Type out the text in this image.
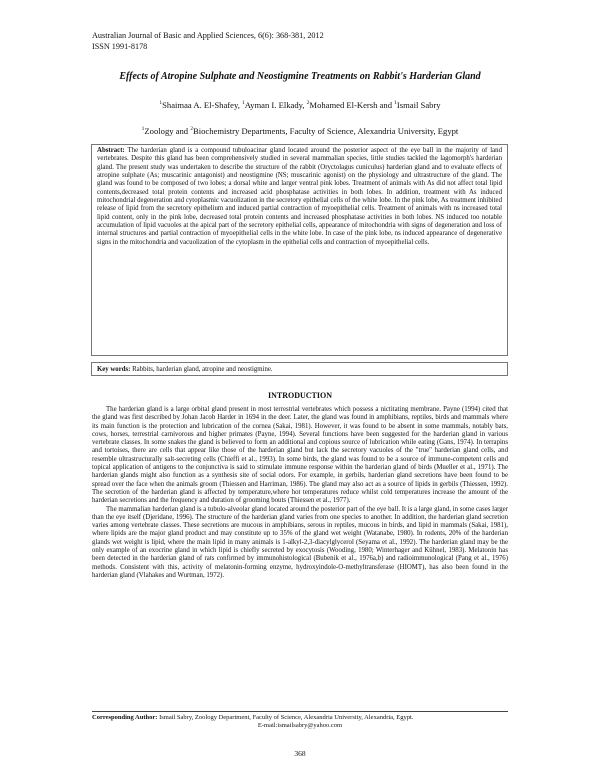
Australian Journal of Basic and Applied Sciences, 6(6): 368-381, 2012
ISSN 1991-8178
Effects of Atropine Sulphate and Neostigmine Treatments on Rabbit's Harderian Gland
$^1$Shaimaa A. El-Shafey, $^1$Ayman I. Elkady, $^2$Mohamed El-Kersh and $^1$Ismail Sabry
$^1$Zoology and $^2$Biochemistry Departments, Faculty of Science, Alexandria University, Egypt

Abstract: The harderian gland is a compound tubuloacinar gland located around the posterior aspect of the eye ball in the majority of land vertebrates. Despite this gland has been comprehensively studied in several mammalian species, little studies tackled the lagomorph's harderian gland. The present study was undertaken to describe the structure of the rabbit (Oryctolagus cuniculus) harderian gland and to evaluate effects of atropine sulphate (As; muscarinic antagonist) and neostigmine (NS; muscarinic agonist) on the physiology and ultrastructure of the gland. The gland was found to be composed of two lobes; a dorsal white and larger ventral pink lobes. Treatment of animals with As did not affect total lipid contents,decreased total protein contents and increased acid phosphatase activities in both lobes. In addition, treatment with As induced mitochondrial degeneration and cytoplasmic vacuolization in the secretory epithelial cells of the white lobe. In the pink lobe, As treatment inhibited release of lipid from the secretory epithelium and induced partial contraction of myoepithelial cells. Treatment of animals with ns increased total lipid content, only in the pink lobe, decreased total protein contents and increased phosphatase activities in both lobes. NS induced too notable accumulation of lipid vacuoles at the apical part of the secretory epithelial cells, appearance of mitochondria with signs of degeneration and loss of internal structures and partial contraction of myoepithelial cells in the white lobe. In case of the pink lobe, ns induced appearance of degenerative signs in the mitochondria and vacuolization of the cytoplasm in the epithelial cells and contraction of myoepithelial cells.

Key words: Rabbits, harderian gland, atropine and neostigmine.
INTRODUCTION

The harderian gland is a large orbital gland present in most terrestrial vertebrates which possess a nictitating membrane. Payne (1994) cited that the gland was first described by Johan Jacob Harder in 1694 in the deer. Later, the gland was found in amphibians, reptiles, birds and mammals where its main function is the protection and lubrication of the cornea (Sakai, 1981). However, it was found to be absent in some mammals, notably bats, cows, horses, terrestrial carnivorous and higher primates (Payne, 1994). Several functions have been suggested for the harderian gland in various vertebrate classes. In some snakes the gland is believed to form an additional and copious source of lubrication while eating (Gans, 1974). In terrapins and tortoises, there are cells that appear like those of the harderian gland but lack the secretory vacuoles of the "true" harderian gland cells, and resemble ultrastructurally salt-secreting cells (Chieffi et al., 1993). In some birds, the gland was found to be a source of immune-competent cells and topical application of antigens to the conjunctiva is said to stimulate immune response within the harderian gland of birds (Mueller et al., 1971). The harderian glands might also function as a synthesis site of social odors. For example, in gerbils, harderian gland secretions have been found to be spread over the face when the animals groom (Thiessen and Harriman, 1986). The gland may also act as a source of lipids in gerbils (Thiessen, 1992). The secretion of the harderian gland is affected by temperature,where hot temperatures reduce whilst cold temperatures increase the amount of the harderian secretions and the frequency and duration of grooming bouts (Thiessen et al., 1977).

The mammalian harderian gland is a tubulo-alveolar gland located around the posterior part of the eye ball. It is a large gland, in some cases larger than the eye itself (Djeridane, 1996). The structure of the harderian gland varies from one species to another. In addition, the harderian gland secretion varies among vertebrate classes. These secretions are mucous in amphibians, serous in reptiles, mucous in birds, and lipid in mammals (Sakai, 1981), where lipids are the major gland product and may constitute up to 35% of the gland wet weight (Watanabe, 1980). In rodents, 20% of the harderian glands wet weight is lipid, where the main lipid in many animals is 1-alkyl-2,3-diacylglycerol (Seyama et al., 1992). The harderian gland may be the only example of an exocrine gland in which lipid is chiefly secreted by exocytosis (Wooding, 1980; Winterhager and Kühnel, 1983). Melatonin has been detected in the harderian gland of rats confirmed by immunohistological (Bubenik et al., 1976a,b) and radioimmunological (Pang et al., 1976) methods. Consistent with this, activity of melatonin-forming enzyme, hydroxyindole-O-methyltransferase (HIOMT), has also been found in the harderian gland (Vlahakes and Wurtman, 1972).

Corresponding Author: Ismail Sabry, Zoology Department, Faculty of Science, Alexandria University, Alexandria, Egypt.
E-mail:ismailsabry@yahoo.com
368
